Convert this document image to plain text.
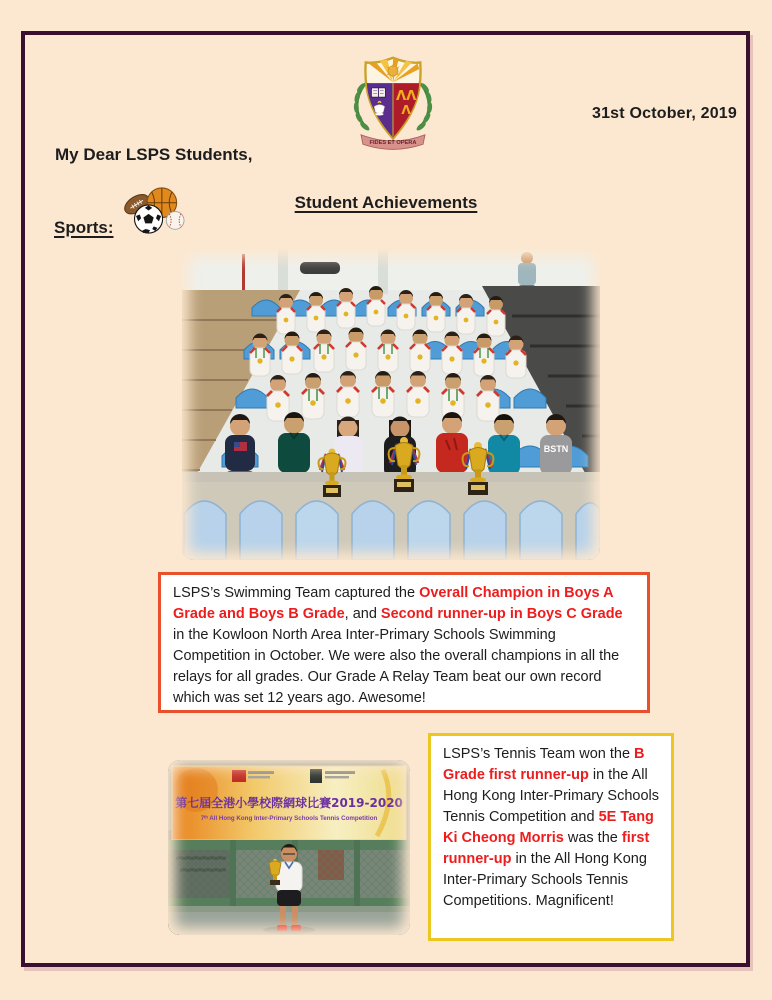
ΛΛ
Λ
FIDES ET OPERA
31st October, 2019
My Dear LSPS Students,
Student Achievements
Sports:
BSTN

LSPS’s Swimming Team captured the Overall Champion in Boys A Grade and Boys B Grade, and Second runner-up in Boys C Grade in the Kowloon North Area Inter-Primary Schools Swimming Competition in October. We were also the overall champions in all the relays for all grades. Our Grade A Relay Team beat our own record which was set 12 years ago. Awesome!

第七屆全港小學校際網球比賽2019-2020
7ᵗʰ All Hong Kong Inter-Primary Schools Tennis Competition

LSPS’s Tennis Team won the B Grade first runner-up in the All Hong Kong Inter-Primary Schools Tennis Competition and 5E Tang Ki Cheong Morris was the first runner-up in the All Hong Kong Inter-Primary Schools Tennis Competitions. Magnificent!
